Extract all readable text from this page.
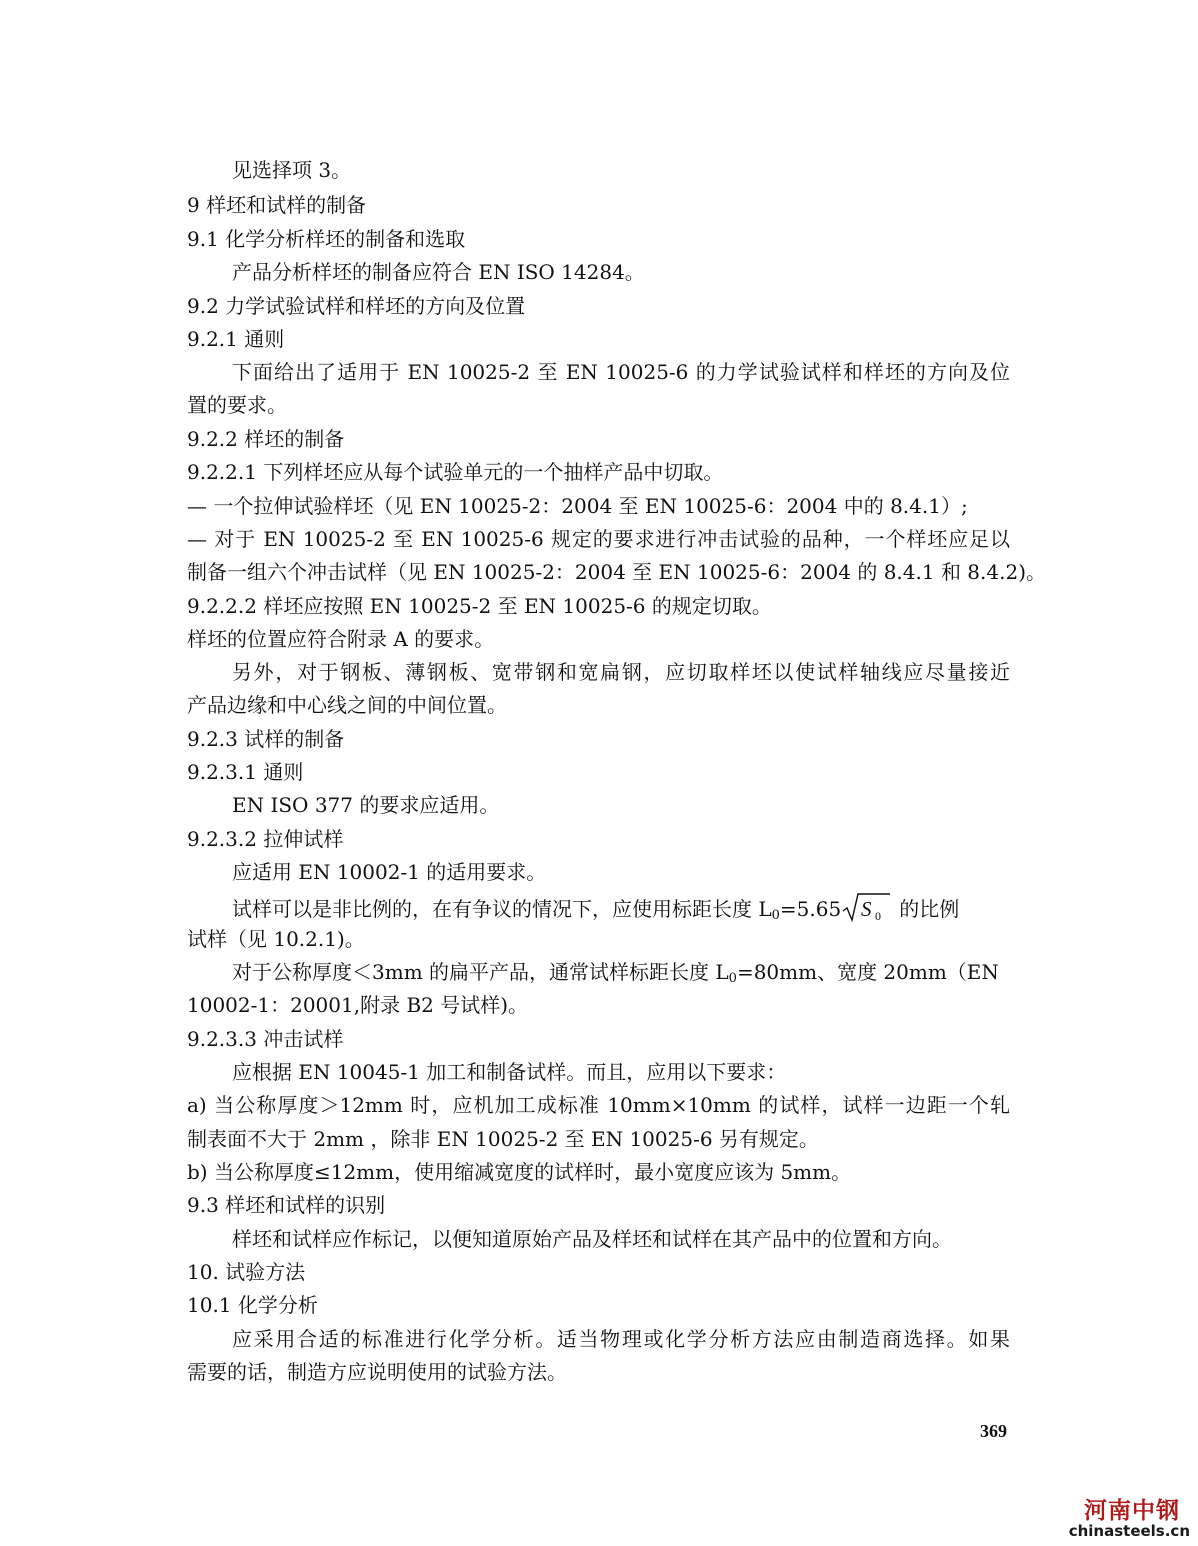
见选择项 3。
9 样坯和试样的制备
9.1 化学分析样坯的制备和选取
产品分析样坯的制备应符合 EN ISO 14284。
9.2 力学试验试样和样坯的方向及位置
9.2.1 通则
下面给出了适用于 EN 10025-2 至 EN 10025-6 的力学试验试样和样坯的方向及位
置的要求。
9.2.2 样坯的制备
9.2.2.1 下列样坯应从每个试验单元的一个抽样产品中切取。
— 一个拉伸试验样坯（见 EN 10025-2：2004 至 EN 10025-6：2004 中的 8.4.1）;
— 对于 EN 10025-2 至 EN 10025-6 规定的要求进行冲击试验的品种，一个样坯应足以
制备一组六个冲击试样（见 EN 10025-2：2004 至 EN 10025-6：2004 的 8.4.1 和 8.4.2)。
9.2.2.2 样坯应按照 EN 10025-2 至 EN 10025-6 的规定切取。
样坯的位置应符合附录 A 的要求。
另外，对于钢板、薄钢板、宽带钢和宽扁钢，应切取样坯以使试样轴线应尽量接近
产品边缘和中心线之间的中间位置。
9.2.3 试样的制备
9.2.3.1 通则
EN ISO 377 的要求应适用。
9.2.3.2 拉伸试样
应适用 EN 10002-1 的适用要求。
试样可以是非比例的，在有争议的情况下，应使用标距长度 $L_0=5.65$ S 0 的比例
试样（见 10.2.1)。
对于公称厚度＜3mm 的扁平产品，通常试样标距长度 $L_0=80mm$、宽度 20mm（EN
10002-1：20001,附录 B2 号试样)。
9.2.3.3 冲击试样
应根据 EN 10045-1 加工和制备试样。而且，应用以下要求：
a) 当公称厚度＞12mm 时，应机加工成标准 10mm×10mm 的试样，试样一边距一个轧
制表面不大于 2mm ，除非 EN 10025-2 至 EN 10025-6 另有规定。
b) 当公称厚度≤12mm，使用缩减宽度的试样时，最小宽度应该为 5mm。
9.3 样坯和试样的识别
样坯和试样应作标记，以便知道原始产品及样坯和试样在其产品中的位置和方向。
10. 试验方法
10.1 化学分析
应采用合适的标准进行化学分析。适当物理或化学分析方法应由制造商选择。如果
需要的话，制造方应说明使用的试验方法。
369
河南中钢
chinasteels.cn
